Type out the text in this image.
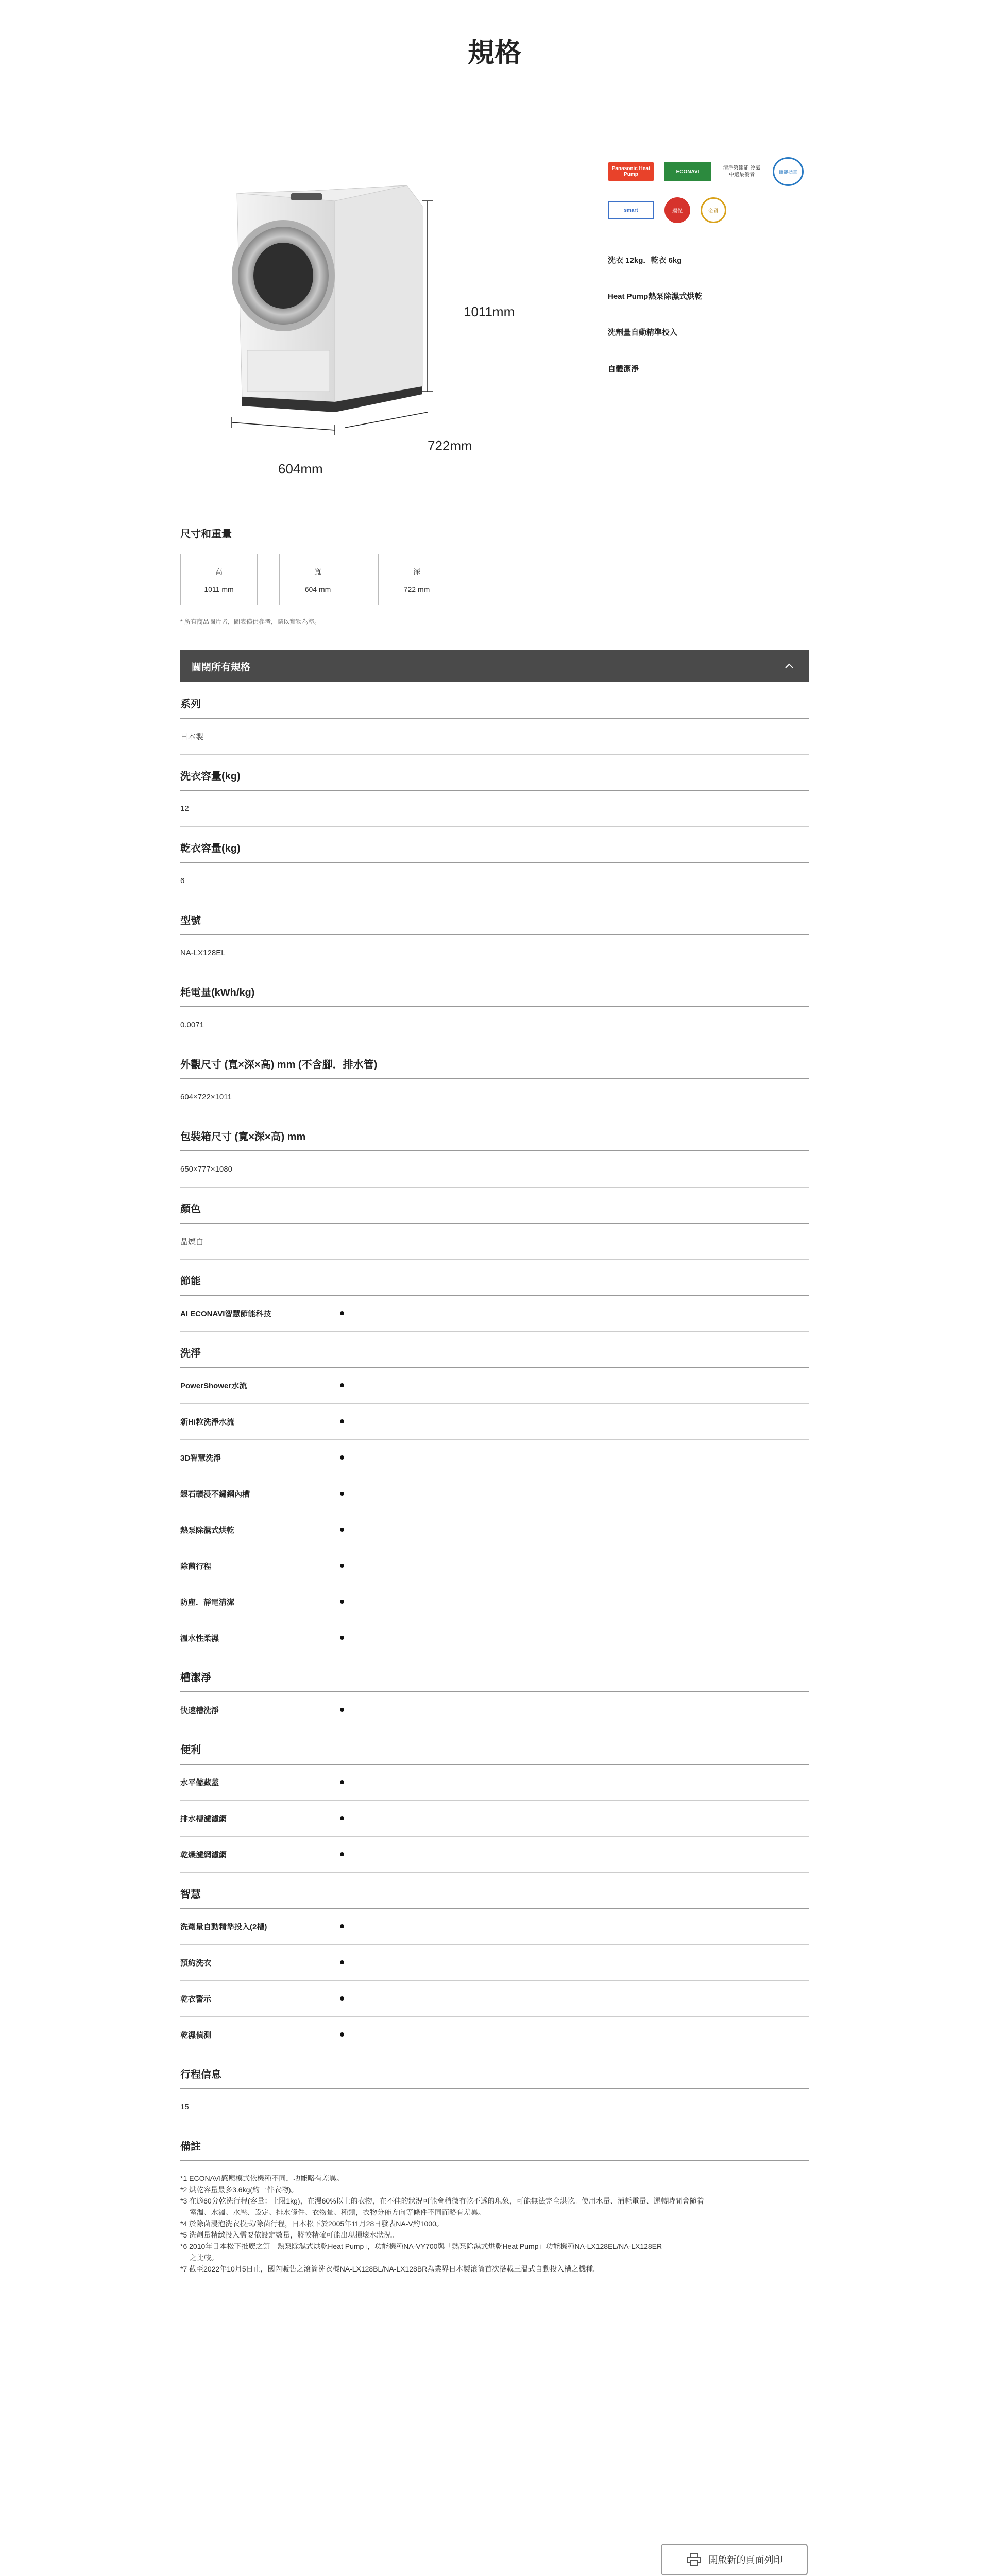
規格
1011mm
604mm
722mm
Panasonic Heat Pump	ECONAVI
清淨第節能 冷氣中選最優者
節能標章
smart	環保	金質
洗衣 12kg．乾衣 6kg
Heat Pump熱泵除濕式烘乾
洗劑量自動精準投入
自體潔淨
尺寸和重量
高
1011 mm
寬
604 mm
深
722 mm
* 所有商品圖片皆，圖表僅供參考，請以實物為準。
關閉所有規格
系列
日本製
洗衣容量(kg)
12
乾衣容量(kg)
6
型號
NA-LX128EL
耗電量(kWh/kg)
0.0071
外觀尺寸 (寬×深×高) mm (不含腳．排水管)
604×722×1011
包裝箱尺寸 (寬×深×高) mm
650×777×1080
顏色
晶燦白
節能
AI ECONAVI智慧節能科技
洗淨
PowerShower水流
新Hi粒洗淨水流
3D智慧洗淨
銀石礦浸不鏽鋼內槽
熱泵除濕式烘乾
除菌行程
防塵．靜電清潔
溫水性柔濕
槽潔淨
快速槽洗淨
便利
水平儲藏蓋
排水槽濾濾網
乾燥濾網濾網
智慧
洗劑量自動精準投入(2槽)
預約洗衣
乾衣警示
乾濕偵測
行程信息
15
備註
*1 ECONAVI感應模式依機種不同，功能略有差異。
*2 烘乾容量最多3.6kg(約一件衣物)。
*3 在適60分乾洗行程(容量：上限1kg)，在濕60%以上的衣物，在不佳的狀況可能會稍微有乾不透的現象，可能無法完全烘乾。使用水量、消耗電量、運轉時間會隨着
　 室溫、水溫、水壓、設定、排水條件、衣物量、種類，衣物分佈方向等條件不同而略有差異。
*4 於除菌浸泡洗衣模式/除菌行程，日本松下於2005年11月28日發表NA-V約1000。
*5 洗劑量精緻投入需要依設定數量，將較精確可能出現損壞水狀況。
*6 2010年日本松下推廣之節「熱泵除濕式烘乾Heat Pump」，功能機種NA-VY700與「熱泵除濕式烘乾Heat Pump」功能機種NA-LX128EL/NA-LX128ER
　 之比較。
*7 截至2022年10月5日止，國內販售之滾筒洗衣機NA-LX128BL/NA-LX128BR為業界日本製滾筒首次搭載三溫式自動投入槽之機種。
開啟新的頁面列印
